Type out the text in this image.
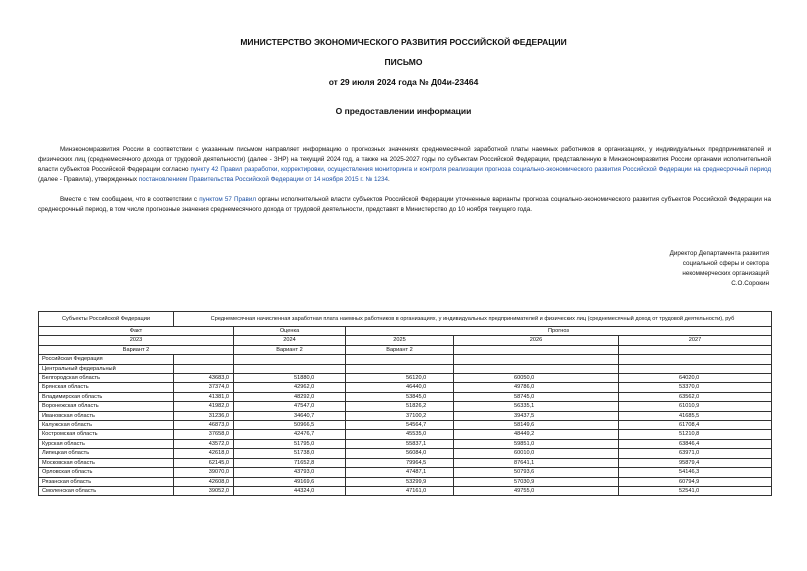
МИНИСТЕРСТВО ЭКОНОМИЧЕСКОГО РАЗВИТИЯ РОССИЙСКОЙ ФЕДЕРАЦИИ
ПИСЬМО
от 29 июля 2024 года № Д04и-23464
О предоставлении информации
Минэкономразвития России в соответствии с указанным письмом направляет информацию о прогнозных значениях среднемесячной заработной платы наемных работников в организациях, у индивидуальных предпринимателей и физических лиц (среднемесячного дохода от трудовой деятельности) (далее - ЗНР) на текущий 2024 год, а также на 2025-2027 годы по субъектам Российской Федерации, представленную в Минэкономразвития России органами исполнительной власти субъектов Российской Федерации согласно пункту 42 Правил разработки, корректировки, осуществления мониторинга и контроля реализации прогноза социально-экономического развития Российской Федерации на среднесрочный период (далее - Правила), утвержденных постановлением Правительства Российской Федерации от 14 ноября 2015 г. № 1234.
Вместе с тем сообщаем, что в соответствии с пунктом 57 Правил органы исполнительной власти субъектов Российской Федерации уточненные варианты прогноза социально-экономического развития субъектов Российской Федерации на среднесрочный период, в том числе прогнозные значения среднемесячного дохода от трудовой деятельности, представят в Министерство до 10 ноября текущего года.
Директор Департамента развития
социальной сферы и сектора
некоммерческих организаций
С.О.Сорокин
Субъекты Российской Федерации	Среднемесячная начисленная заработная плата наемных работников в организациях, у индивидуальных предпринимателей и физических лиц (среднемесячный доход от трудовой деятельности), руб				
Факт		Оценка	Прогноз		
2023		2024	2025	2026	2027
Вариант 2		Вариант 2	Вариант 2		
Российская Федерация					
Центральный федеральный					
Белгородская область	43683,0	51880,0	56120,0	60050,0	64020,0
Брянская область	37374,0	42962,0	46440,0	49786,0	53370,0
Владимирская область	41381,0	48292,0	53845,0	58745,0	63562,0
Воронежская область	41982,0	47547,0	51826,2	56335,1	61010,9
Ивановская область	31236,0	34640,7	37100,2	39437,5	41685,5
Калужская область	46873,0	50966,5	54564,7	58149,6	61708,4
Костромская область	37658,0	42476,7	45535,0	48449,2	51210,8
Курская область	43572,0	51795,0	55837,1	59851,0	63846,4
Липецкая область	42618,0	51738,0	56084,0	60010,0	63971,0
Московская область	62145,0	71652,8	79964,5	87641,1	95879,4
Орловская область	39070,0	43793,0	47487,1	50793,6	54146,3
Рязанская область	42608,0	49169,6	53299,9	57030,9	60794,9
Смоленская область	39052,0	44324,0	47161,0	49755,0	52541,0
